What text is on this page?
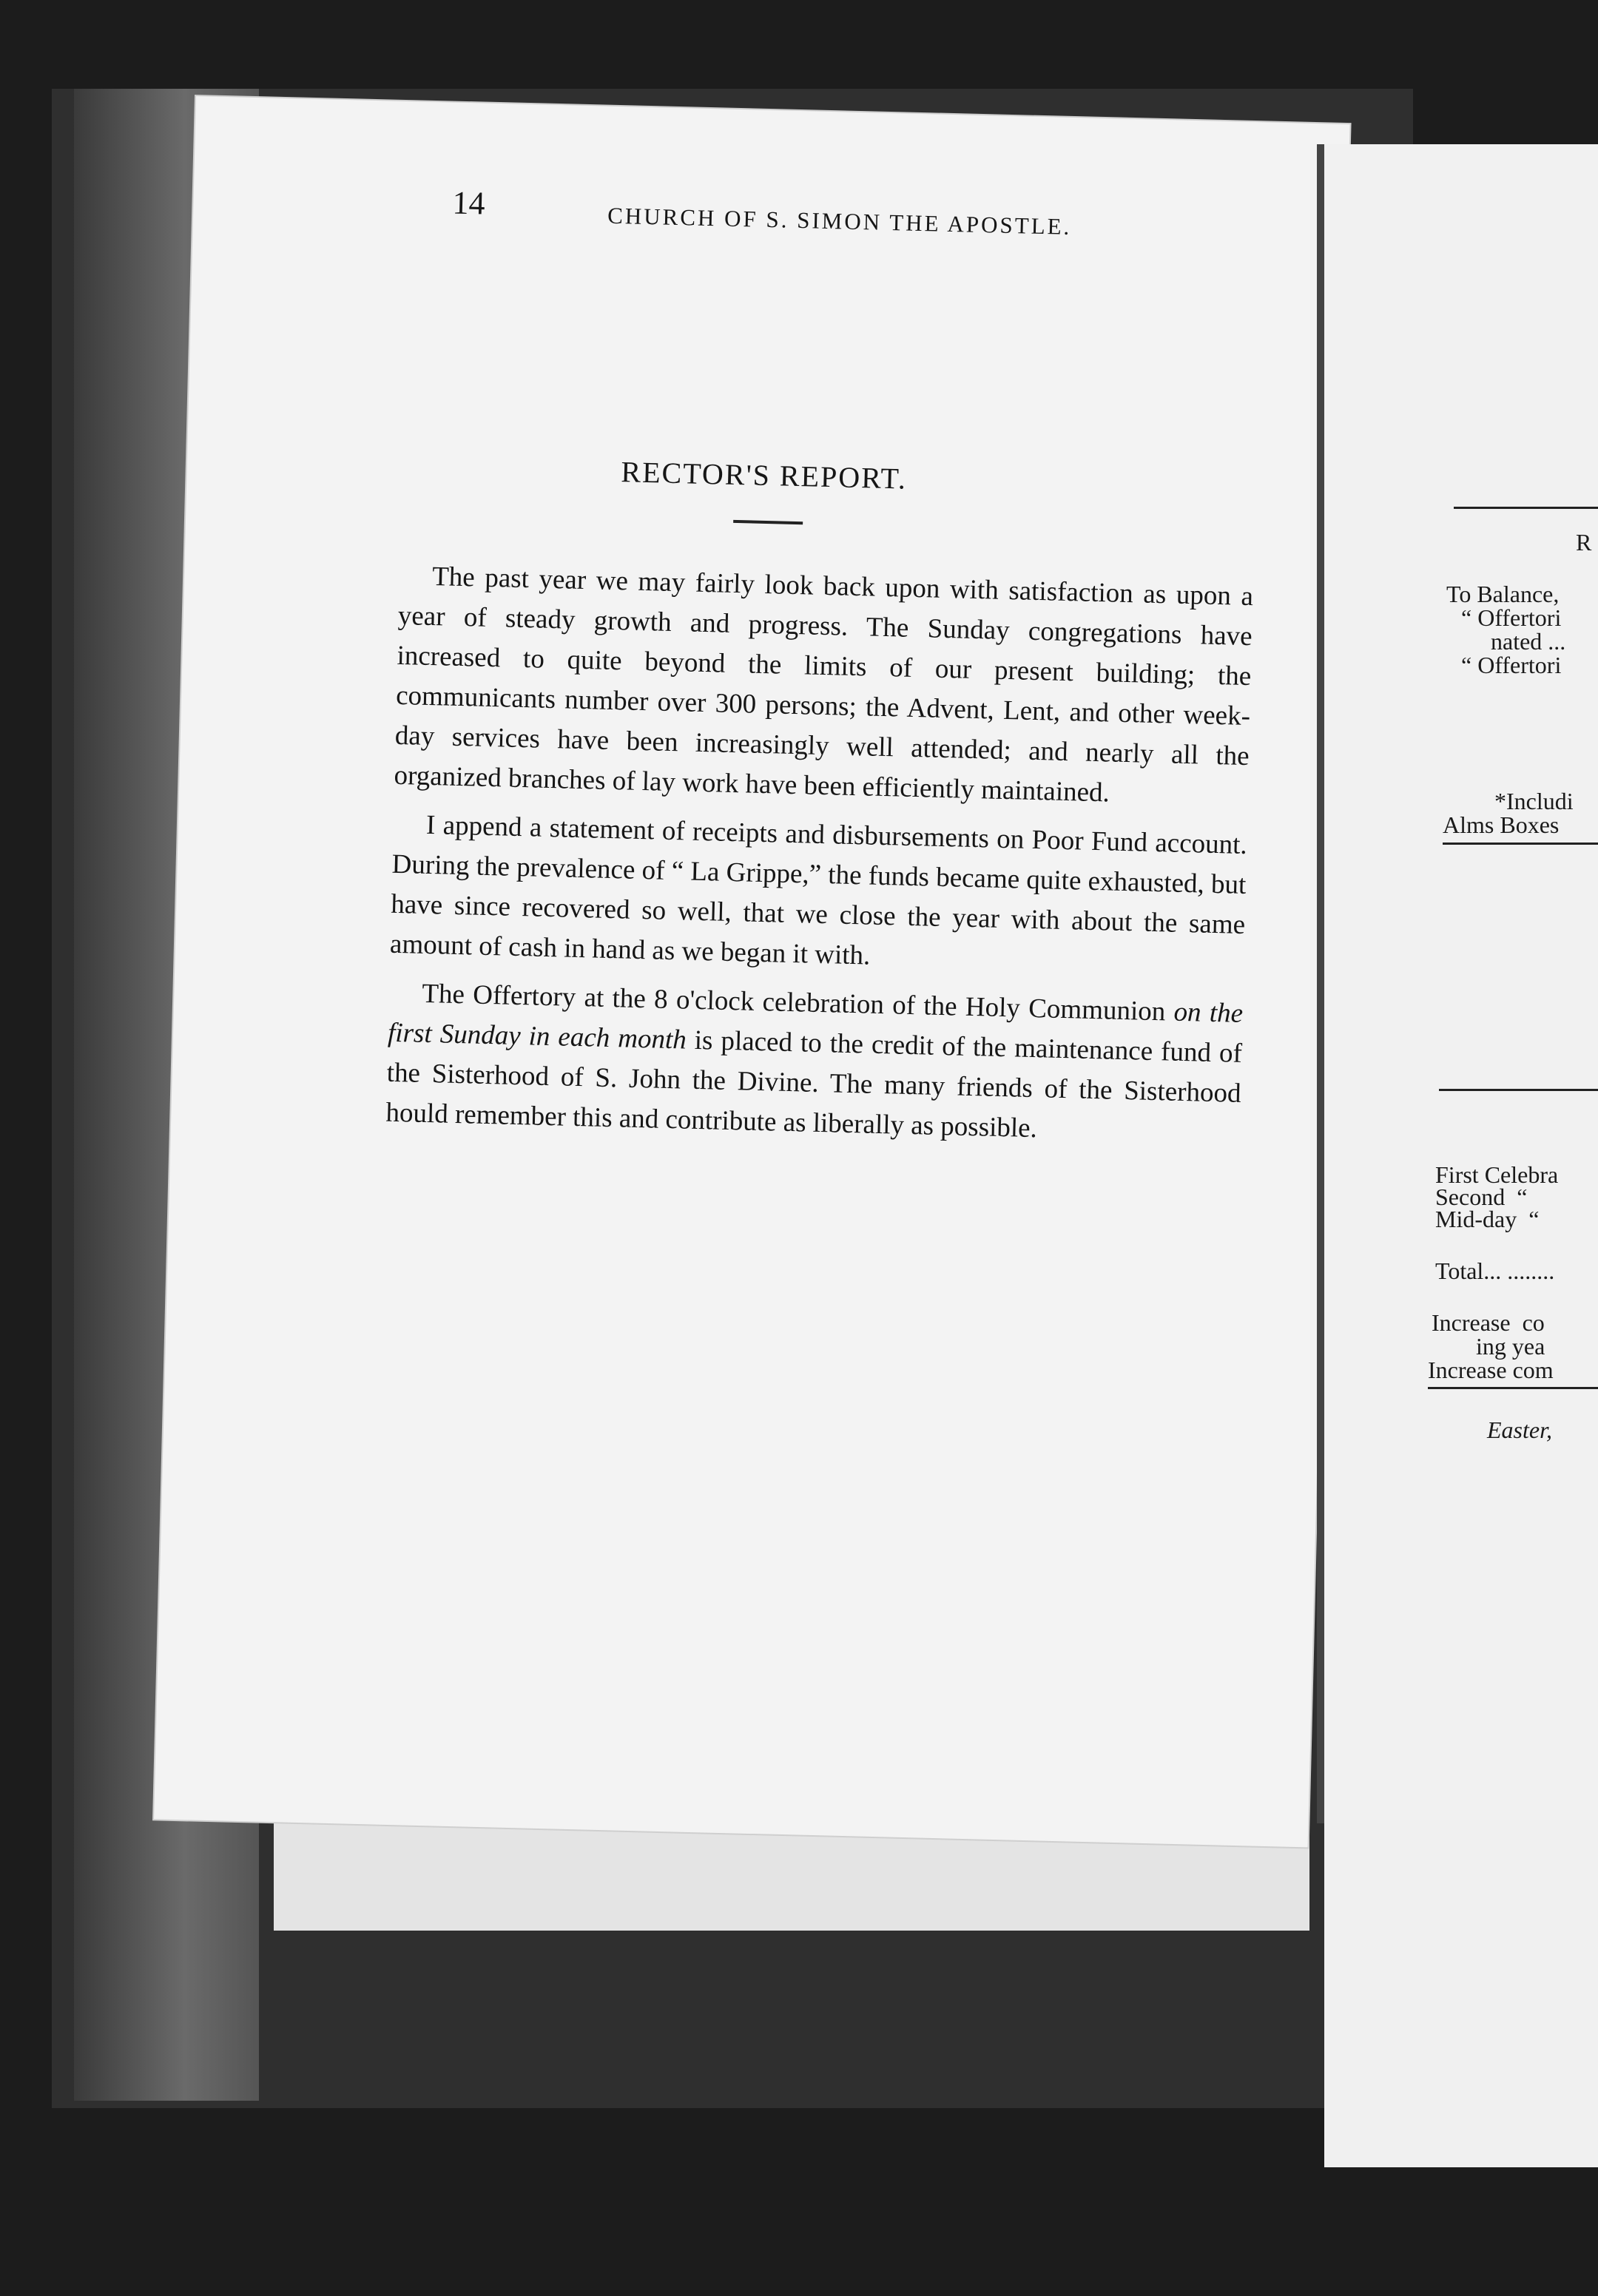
14	CHURCH OF S. SIMON THE APOSTLE.
RECTOR'S REPORT.

The past year we may fairly look back upon with satisfaction as upon a year of steady growth and progress. The Sunday congregations have increased to quite beyond the limits of our present building; the communicants number over 300 persons; the Advent, Lent, and other week-day services have been increasingly well attended; and nearly all the organized branches of lay work have been efficiently maintained.

I append a statement of receipts and disbursements on Poor Fund account. During the prevalence of “ La Grippe,” the funds became quite exhausted, but have since recovered so well, that we close the year with about the same amount of cash in hand as we began it with.

The Offertory at the 8 o'clock celebration of the Holy Communion on the first Sunday in each month is placed to the credit of the maintenance fund of the Sisterhood of S. John the Divine. The many friends of the Sisterhood hould remember this and contribute as liberally as possible.

R
To Balance,
“ Offertori
nated ...
“ Offertori
*Includi
Alms Boxes
First Celebra
Second  “
Mid-day  “
Total... ........
Increase  co
ing yea
Increase com
Easter,
